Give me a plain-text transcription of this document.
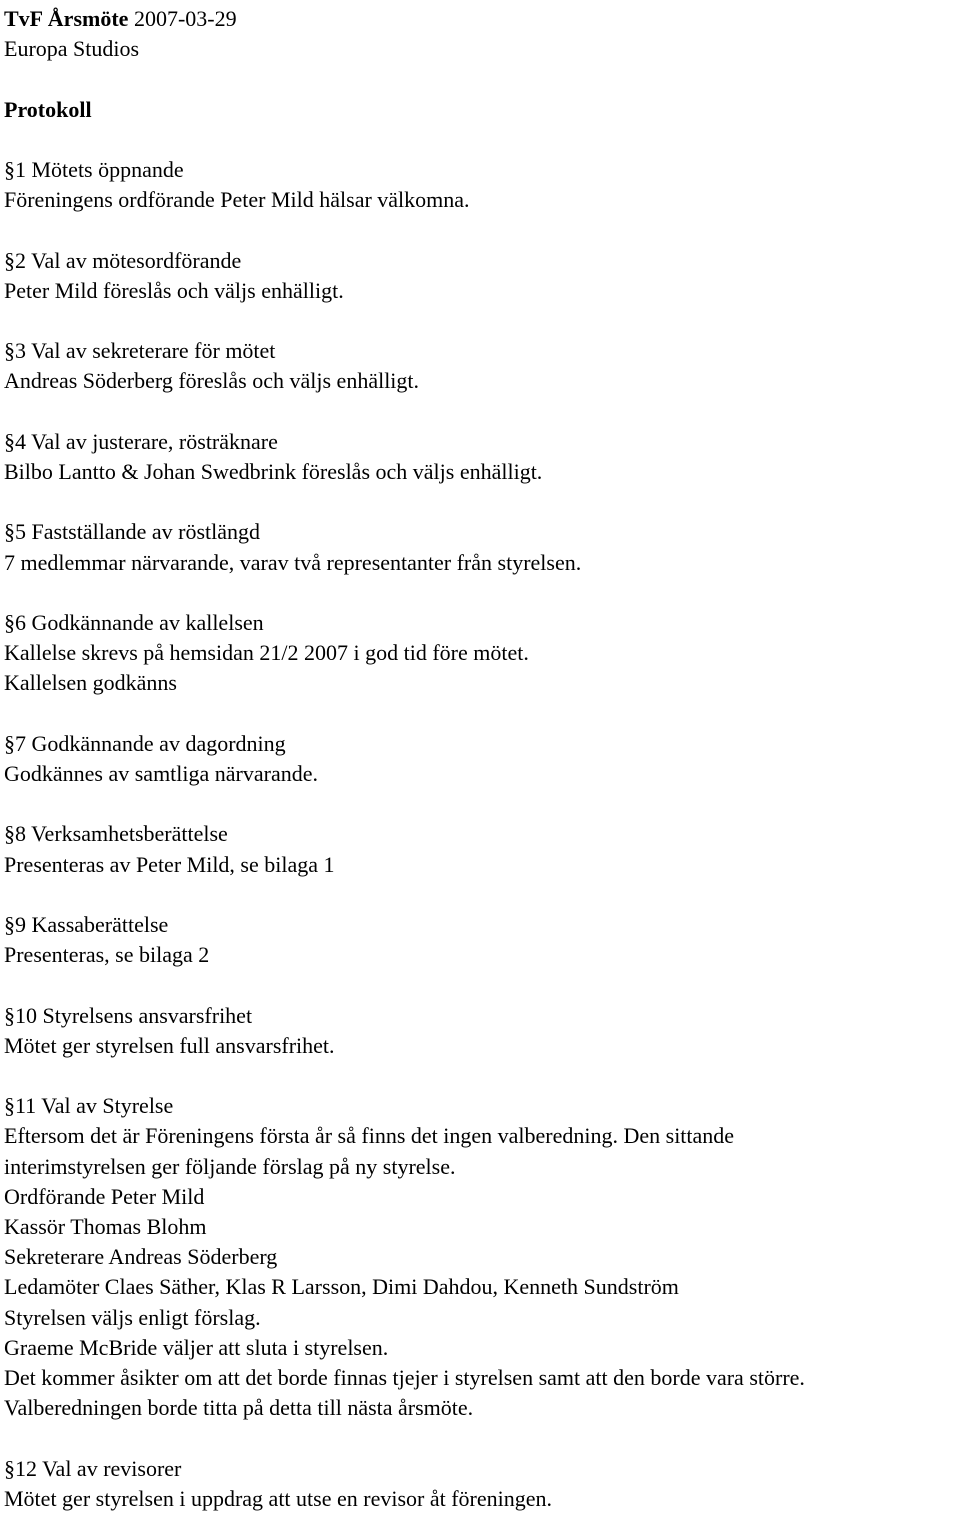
TvF Årsmöte 2007-03-29
Europa Studios
Protokoll
§1 Mötets öppnande
Föreningens ordförande Peter Mild hälsar välkomna.
§2 Val av mötesordförande
Peter Mild föreslås och väljs enhälligt.
§3 Val av sekreterare för mötet
Andreas Söderberg föreslås och väljs enhälligt.
§4 Val av justerare, rösträknare
Bilbo Lantto & Johan Swedbrink föreslås och väljs enhälligt.
§5 Fastställande av röstlängd
7 medlemmar närvarande, varav två representanter från styrelsen.
§6 Godkännande av kallelsen
Kallelse skrevs på hemsidan 21/2 2007 i god tid före mötet.
Kallelsen godkänns
§7 Godkännande av dagordning
Godkännes av samtliga närvarande.
§8 Verksamhetsberättelse
Presenteras av Peter Mild, se bilaga 1
§9 Kassaberättelse
Presenteras, se bilaga 2
§10 Styrelsens ansvarsfrihet
Mötet ger styrelsen full ansvarsfrihet.
§11 Val av Styrelse
Eftersom det är Föreningens första år så finns det ingen valberedning. Den sittande
interimstyrelsen ger följande förslag på ny styrelse.
Ordförande Peter Mild
Kassör Thomas Blohm
Sekreterare Andreas Söderberg
Ledamöter Claes Säther, Klas R Larsson, Dimi Dahdou, Kenneth Sundström
Styrelsen väljs enligt förslag.
Graeme McBride väljer att sluta i styrelsen.
Det kommer åsikter om att det borde finnas tjejer i styrelsen samt att den borde vara större.
Valberedningen borde titta på detta till nästa årsmöte.
§12 Val av revisorer
Mötet ger styrelsen i uppdrag att utse en revisor åt föreningen.
